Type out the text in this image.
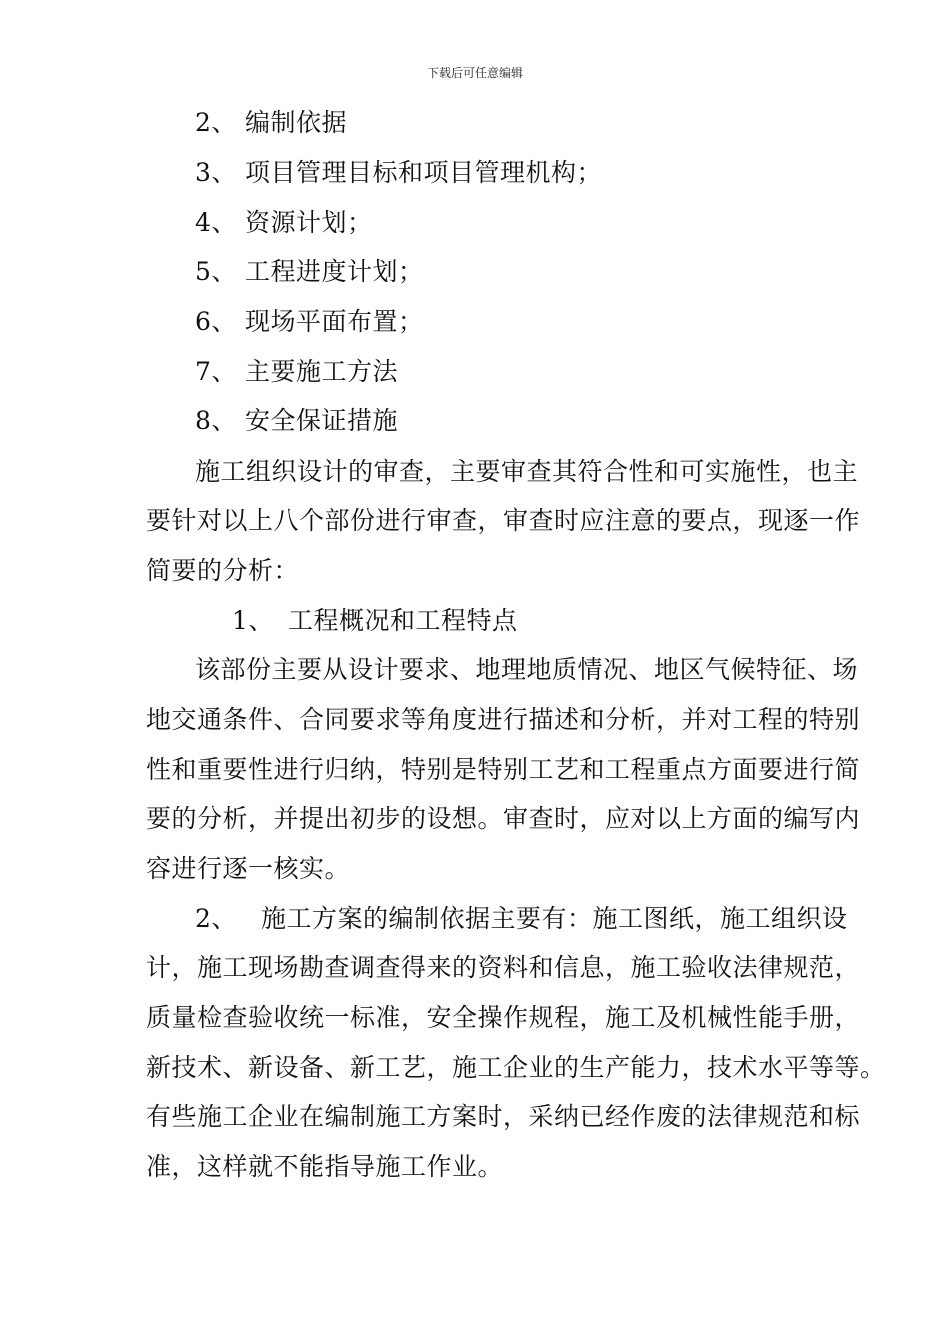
下载后可任意编辑
2、 编制依据
3、 项目管理目标和项目管理机构；
4、 资源计划；
5、 工程进度计划；
6、 现场平面布置；
7、 主要施工方法
8、 安全保证措施
施工组织设计的审查，主要审查其符合性和可实施性，也主
要针对以上八个部份进行审查，审查时应注意的要点，现逐一作
简要的分析：
1、 工程概况和工程特点
该部份主要从设计要求、地理地质情况、地区气候特征、场
地交通条件、合同要求等角度进行描述和分析，并对工程的特别
性和重要性进行归纳，特别是特别工艺和工程重点方面要进行简
要的分析，并提出初步的设想。审查时，应对以上方面的编写内
容进行逐一核实。
2、 施工方案的编制依据主要有：施工图纸，施工组织设
计，施工现场勘查调查得来的资料和信息，施工验收法律规范，
质量检查验收统一标准，安全操作规程，施工及机械性能手册，
新技术、新设备、新工艺，施工企业的生产能力，技术水平等等。
有些施工企业在编制施工方案时，采纳已经作废的法律规范和标
准，这样就不能指导施工作业。
